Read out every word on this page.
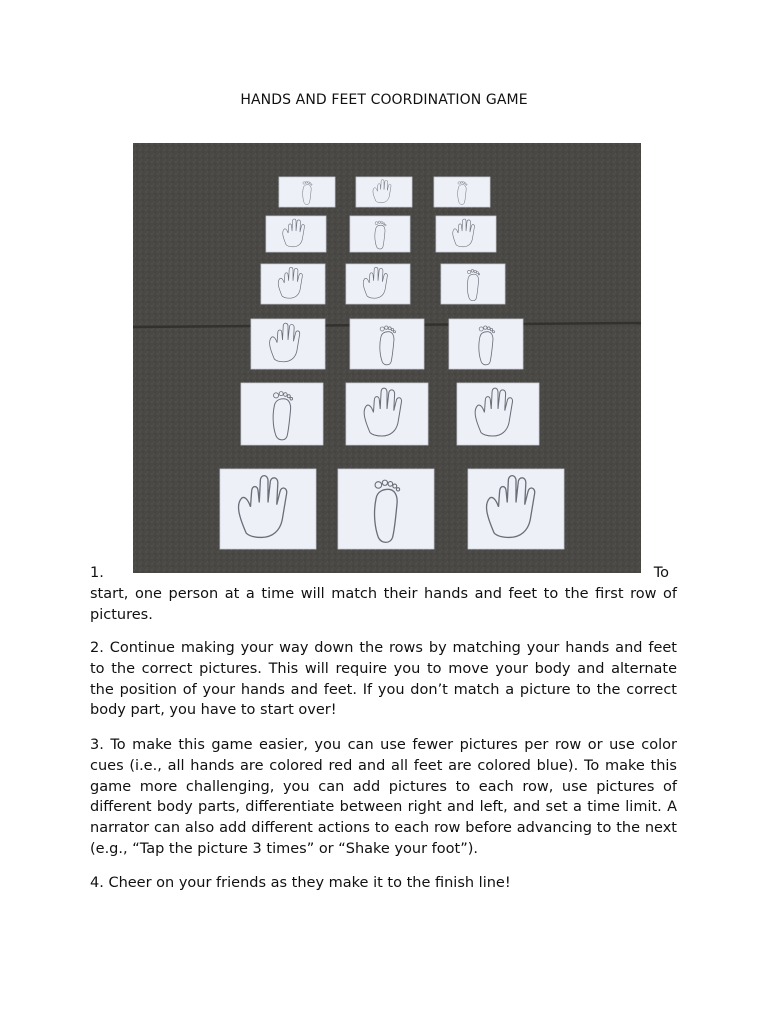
HANDS AND FEET COORDINATION GAME
1.	To

start, one person at a time will match their hands and feet to the first row of pictures.

2. Continue making your way down the rows by matching your hands and feet to the correct pictures. This will require you to move your body and alternate the position of your hands and feet. If you don’t match a picture to the correct body part, you have to start over!

3. To make this game easier, you can use fewer pictures per row or use color cues (i.e., all hands are colored red and all feet are colored blue). To make this game more challenging, you can add pictures to each row, use pictures of different body parts, differentiate between right and left, and set a time limit. A narrator can also add different actions to each row before advancing to the next (e.g., “Tap the picture 3 times” or “Shake your foot”).

4. Cheer on your friends as they make it to the finish line!
